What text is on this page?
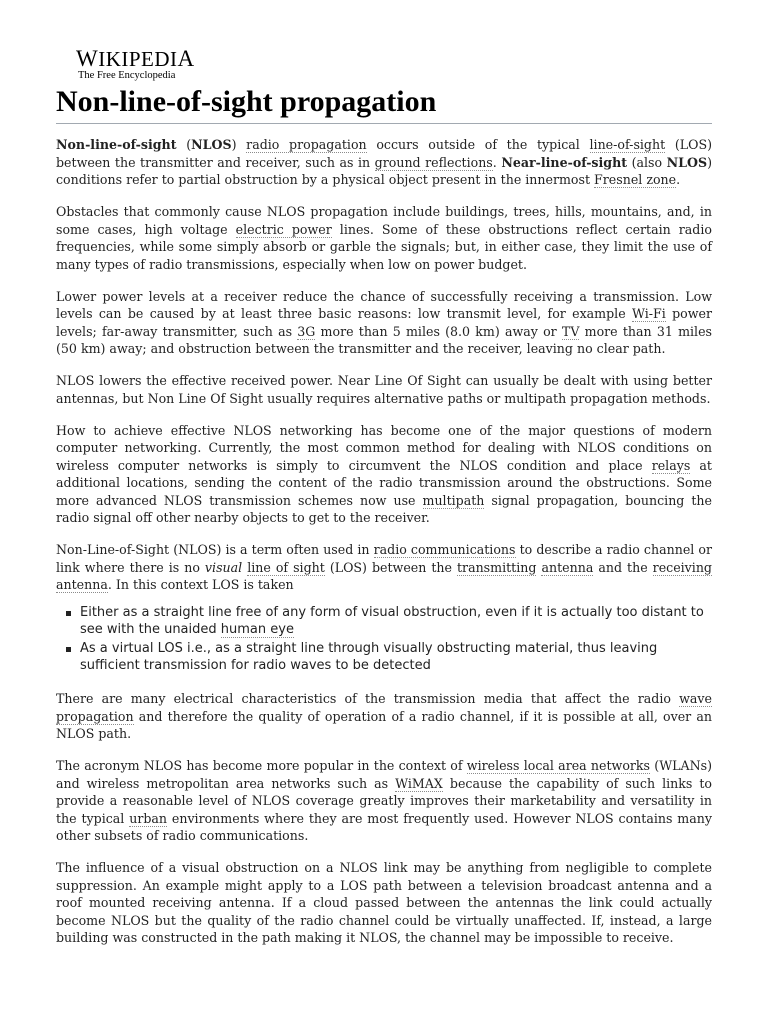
WIKIPEDIA
The Free Encyclopedia
Non-line-of-sight propagation

Non-line-of-sight (NLOS) radio propagation occurs outside of the typical line-of-sight (LOS) between the transmitter and receiver, such as in ground reflections. Near-line-of-sight (also NLOS) conditions refer to partial obstruction by a physical object present in the innermost Fresnel zone.

Obstacles that commonly cause NLOS propagation include buildings, trees, hills, mountains, and, in some cases, high voltage electric power lines. Some of these obstructions reflect certain radio frequencies, while some simply absorb or garble the signals; but, in either case, they limit the use of many types of radio transmissions, especially when low on power budget.

Lower power levels at a receiver reduce the chance of successfully receiving a transmission. Low levels can be caused by at least three basic reasons: low transmit level, for example Wi-Fi power levels; far-away transmitter, such as 3G more than 5 miles (8.0 km) away or TV more than 31 miles (50 km) away; and obstruction between the transmitter and the receiver, leaving no clear path.

NLOS lowers the effective received power. Near Line Of Sight can usually be dealt with using better antennas, but Non Line Of Sight usually requires alternative paths or multipath propagation methods.

How to achieve effective NLOS networking has become one of the major questions of modern computer networking. Currently, the most common method for dealing with NLOS conditions on wireless computer networks is simply to circumvent the NLOS condition and place relays at additional locations, sending the content of the radio transmission around the obstructions. Some more advanced NLOS transmission schemes now use multipath signal propagation, bouncing the radio signal off other nearby objects to get to the receiver.

Non-Line-of-Sight (NLOS) is a term often used in radio communications to describe a radio channel or link where there is no visual line of sight (LOS) between the transmitting antenna and the receiving antenna. In this context LOS is taken

Either as a straight line free of any form of visual obstruction, even if it is actually too distant to see with the unaided human eye
As a virtual LOS i.e., as a straight line through visually obstructing material, thus leaving sufficient transmission for radio waves to be detected

There are many electrical characteristics of the transmission media that affect the radio wave propagation and therefore the quality of operation of a radio channel, if it is possible at all, over an NLOS path.

The acronym NLOS has become more popular in the context of wireless local area networks (WLANs) and wireless metropolitan area networks such as WiMAX because the capability of such links to provide a reasonable level of NLOS coverage greatly improves their marketability and versatility in the typical urban environments where they are most frequently used. However NLOS contains many other subsets of radio communications.

The influence of a visual obstruction on a NLOS link may be anything from negligible to complete suppression. An example might apply to a LOS path between a television broadcast antenna and a roof mounted receiving antenna. If a cloud passed between the antennas the link could actually become NLOS but the quality of the radio channel could be virtually unaffected. If, instead, a large building was constructed in the path making it NLOS, the channel may be impossible to receive.
